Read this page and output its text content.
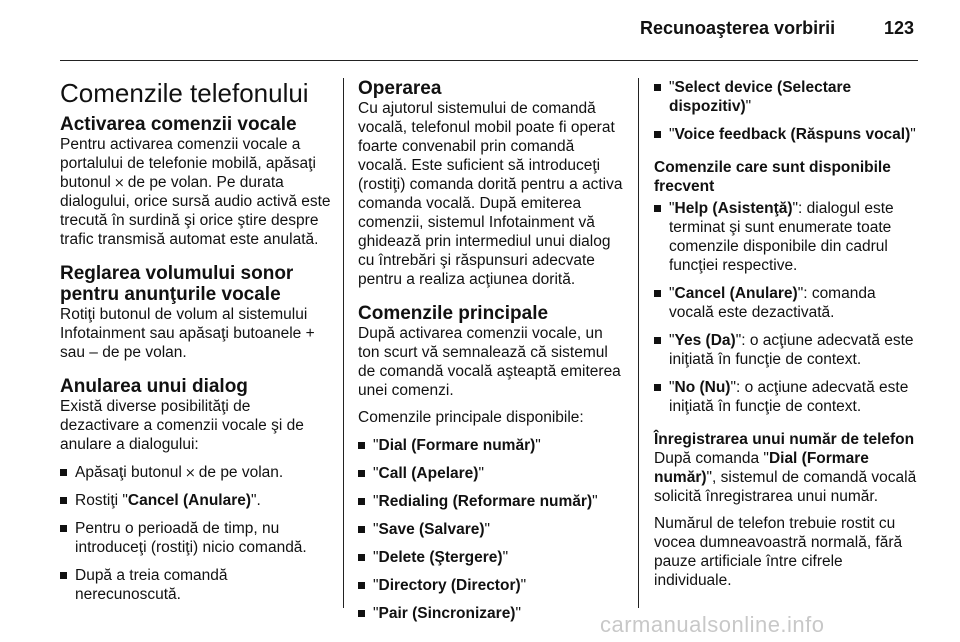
Recunoaşterea vorbirii	123
Comenzile telefonului
Activarea comenzii vocale

Pentru activarea comenzii vocale a portalului de telefonie mobilă, apăsaţi butonul ⨯ de pe volan. Pe durata dialogului, orice sursă audio activă este trecută în surdină şi orice ştire despre trafic transmisă automat este anulată.

Reglarea volumului sonor pentru anunţurile vocale

Rotiţi butonul de volum al sistemului Infotainment sau apăsaţi butoanele + sau – de pe volan.

Anularea unui dialog

Există diverse posibilităţi de dezactivare a comenzii vocale şi de anulare a dialogului:

Apăsaţi butonul ⨯ de pe volan.
Rostiţi "Cancel (Anulare)".
Pentru o perioadă de timp, nu introduceţi (rostiţi) nicio comandă.
După a treia comandă nerecunoscută.
Operarea

Cu ajutorul sistemului de comandă vocală, telefonul mobil poate fi operat foarte convenabil prin comandă vocală. Este suficient să introduceţi (rostiţi) comanda dorită pentru a activa comanda vocală. După emiterea comenzii, sistemul Infotainment vă ghidează prin intermediul unui dialog cu întrebări şi răspunsuri adecvate pentru a realiza acţiunea dorită.

Comenzile principale

După activarea comenzii vocale, un ton scurt vă semnalează că sistemul de comandă vocală aşteaptă emiterea unei comenzi.

Comenzile principale disponibile:

"Dial (Formare număr)"
"Call (Apelare)"
"Redialing (Reformare număr)"
"Save (Salvare)"
"Delete (Ştergere)"
"Directory (Director)"
"Pair (Sincronizare)"
"Select device (Selectare dispozitiv)"
"Voice feedback (Răspuns vocal)"
Comenzile care sunt disponibile frecvent
"Help (Asistenţă)": dialogul este terminat şi sunt enumerate toate comenzile disponibile din cadrul funcţiei respective.
"Cancel (Anulare)": comanda vocală este dezactivată.
"Yes (Da)": o acţiune adecvată este iniţiată în funcţie de context.
"No (Nu)": o acţiune adecvată este iniţiată în funcţie de context.
Înregistrarea unui număr de telefon

După comanda "Dial (Formare număr)", sistemul de comandă vocală solicită înregistrarea unui număr.

Numărul de telefon trebuie rostit cu vocea dumneavoastră normală, fără pauze artificiale între cifrele individuale.

carmanualsonline.info
